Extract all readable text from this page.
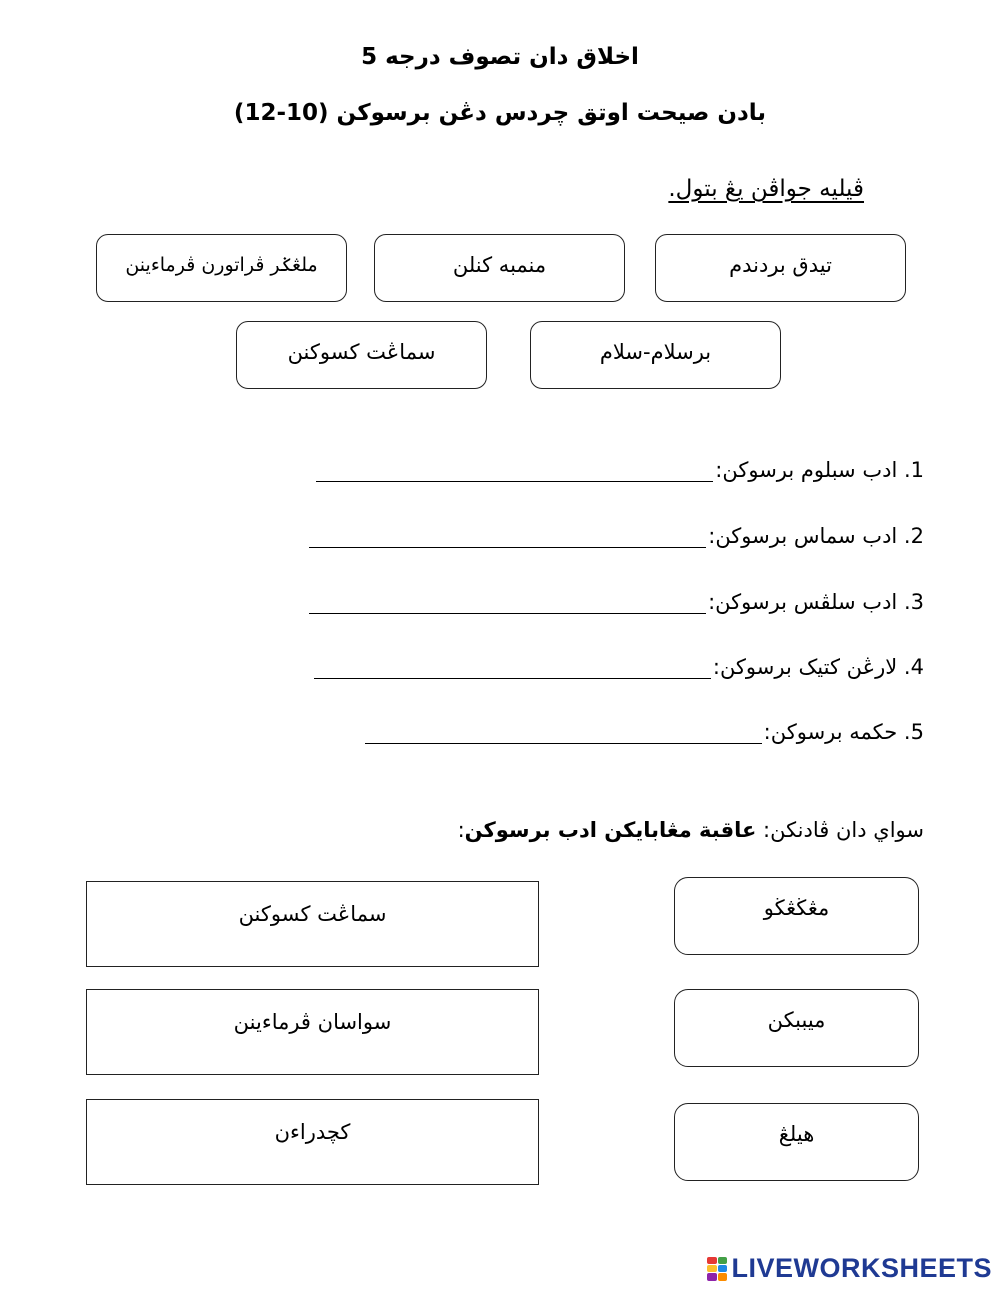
اخلاق دان تصوف درجه 5
بادن صيحت اوتق چردس دڠن برسوکن (10-12)
ڤيليه جواڤن يڠ بتول.
تيدق بردندم
منمبه کنلن
ملڠݢر ڤراتورن ڤرماءينن
برسلام-سلام
سماڠت کسوکنن
1. ادب سبلوم برسوکن:
2. ادب سماس برسوکن:
3. ادب سلڤس برسوکن:
4. لارڠن کتيک برسوکن:
5. حکمه برسوکن:
سواي دان ڤادنکن: عاقبة مڠابايکن ادب برسوکن:
مڠڬڠڬو
ميببکن
هيلڠ
سماڠت کسوکنن
سواسان ڤرماءينن
کچدراءن
LIVEWORKSHEETS
